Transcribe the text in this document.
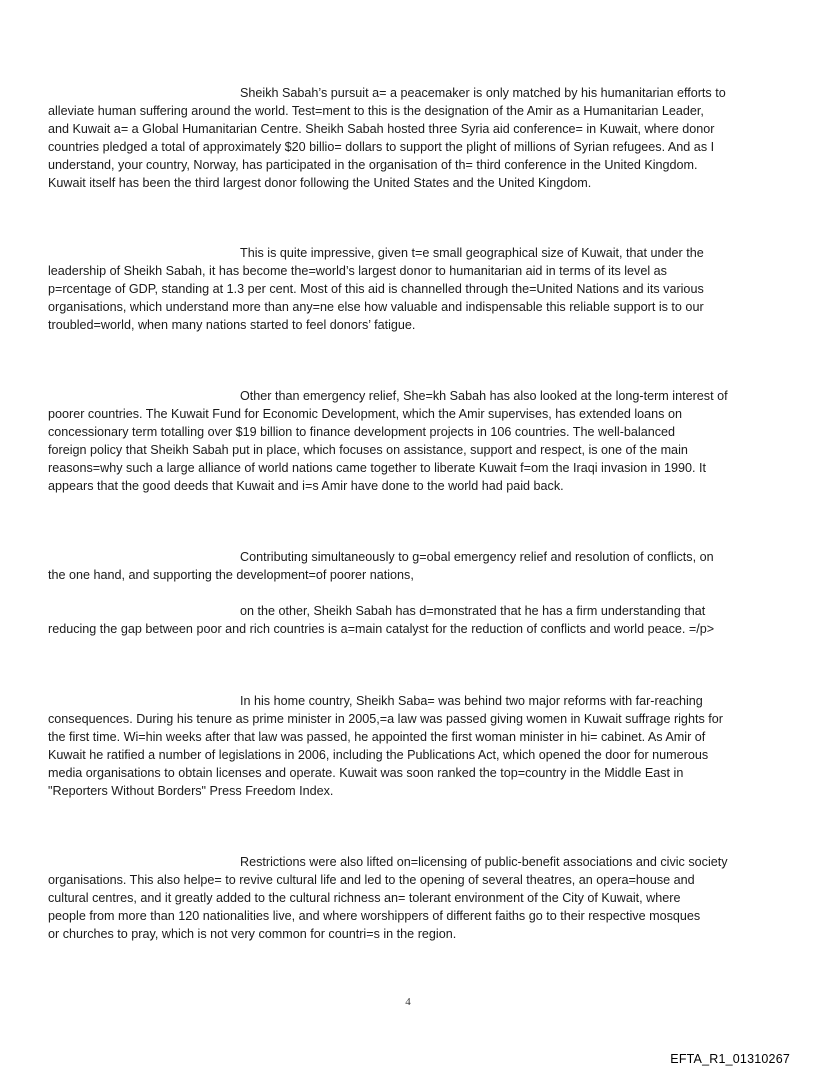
Sheikh Sabah’s pursuit a= a peacemaker is only matched by his humanitarian efforts to
alleviate human suffering around the world. Test=ment to this is the designation of the Amir as a Humanitarian Leader,
and Kuwait a= a Global Humanitarian Centre. Sheikh Sabah hosted three Syria aid conference= in Kuwait, where donor
countries pledged a total of approximately $20 billio= dollars to support the plight of millions of Syrian refugees. And as I
understand, your country, Norway, has participated in the organisation of th= third conference in the United Kingdom.
Kuwait itself has been the third largest donor following the United States and the United Kingdom.
This is quite impressive, given t=e small geographical size of Kuwait, that under the
leadership of Sheikh Sabah, it has become the=world’s largest donor to humanitarian aid in terms of its level as
p=rcentage of GDP, standing at 1.3 per cent. Most of this aid is channelled through the=United Nations and its various
organisations, which understand more than any=ne else how valuable and indispensable this reliable support is to our
troubled=world, when many nations started to feel donors’ fatigue.
Other than emergency relief, She=kh Sabah has also looked at the long-term interest of
poorer countries. The Kuwait Fund for Economic Development, which the Amir supervises, has extended loans on
concessionary term totalling over $19 billion to finance development projects in 106 countries. The well-balanced
foreign policy that Sheikh Sabah put in place, which focuses on assistance, support and respect, is one of the main
reasons=why such a large alliance of world nations came together to liberate Kuwait f=om the Iraqi invasion in 1990. It
appears that the good deeds that Kuwait and i=s Amir have done to the world had paid back.
Contributing simultaneously to g=obal emergency relief and resolution of conflicts, on
the one hand, and supporting the development=of poorer nations,
on the other, Sheikh Sabah has d=monstrated that he has a firm understanding that
reducing the gap between poor and rich countries is a=main catalyst for the reduction of conflicts and world peace. =/p>
In his home country, Sheikh Saba= was behind two major reforms with far-reaching
consequences. During his tenure as prime minister in 2005,=a law was passed giving women in Kuwait suffrage rights for
the first time. Wi=hin weeks after that law was passed, he appointed the first woman minister in hi= cabinet. As Amir of
Kuwait he ratified a number of legislations in 2006, including the Publications Act, which opened the door for numerous
media organisations to obtain licenses and operate. Kuwait was soon ranked the top=country in the Middle East in
"Reporters Without Borders" Press Freedom Index.
Restrictions were also lifted on=licensing of public-benefit associations and civic society
organisations. This also helpe= to revive cultural life and led to the opening of several theatres, an opera=house and
cultural centres, and it greatly added to the cultural richness an= tolerant environment of the City of Kuwait, where
people from more than 120 nationalities live, and where worshippers of different faiths go to their respective mosques
or churches to pray, which is not very common for countri=s in the region.
4
EFTA_R1_01310267
